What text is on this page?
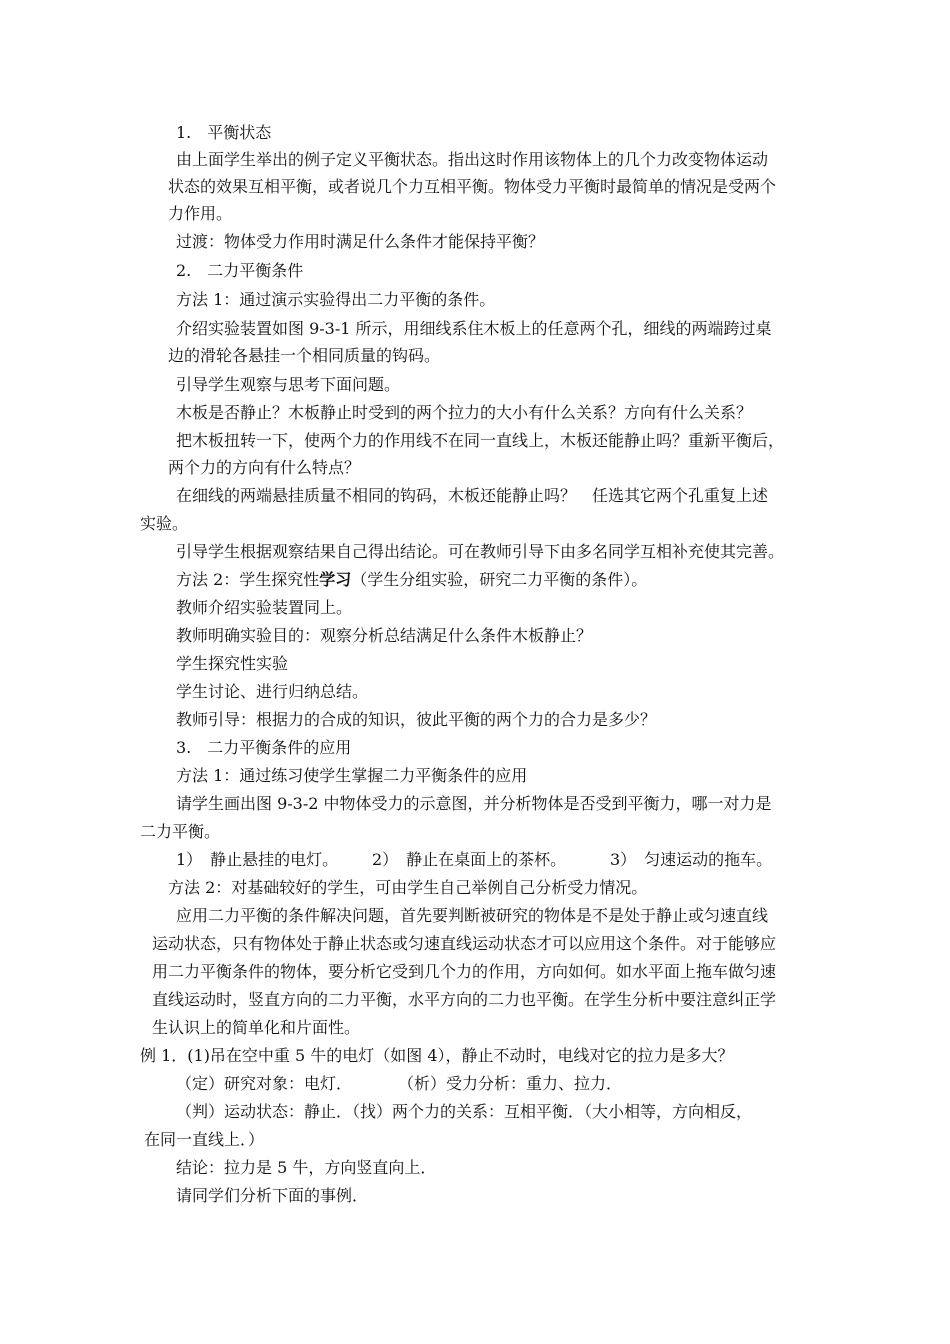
1.　平衡状态
由上面学生举出的例子定义平衡状态。指出这时作用该物体上的几个力改变物体运动
状态的效果互相平衡，或者说几个力互相平衡。物体受力平衡时最简单的情况是受两个
力作用。
过渡：物体受力作用时满足什么条件才能保持平衡？
2.　二力平衡条件
方法 1：通过演示实验得出二力平衡的条件。
介绍实验装置如图 9-3-1 所示，用细线系住木板上的任意两个孔，细线的两端跨过桌
边的滑轮各悬挂一个相同质量的钩码。
引导学生观察与思考下面问题。
木板是否静止？木板静止时受到的两个拉力的大小有什么关系？方向有什么关系？
把木板扭转一下，使两个力的作用线不在同一直线上，木板还能静止吗？重新平衡后，
两个力的方向有什么特点？
在细线的两端悬挂质量不相同的钩码，木板还能静止吗？　任选其它两个孔重复上述
实验。
引导学生根据观察结果自己得出结论。可在教师引导下由多名同学互相补充使其完善。
方法 2：学生探究性学习（学生分组实验，研究二力平衡的条件）。
教师介绍实验装置同上。
教师明确实验目的：观察分析总结满足什么条件木板静止？
学生探究性实验
学生讨论、进行归纳总结。
教师引导：根据力的合成的知识，彼此平衡的两个力的合力是多少？
3.　二力平衡条件的应用
方法 1：通过练习使学生掌握二力平衡条件的应用
请学生画出图 9-3-2 中物体受力的示意图，并分析物体是否受到平衡力，哪一对力是
二力平衡。
1）　静止悬挂的电灯。 2）　静止在桌面上的茶杯。	3）　匀速运动的拖车。
方法 2：对基础较好的学生，可由学生自己举例自己分析受力情况。
应用二力平衡的条件解决问题，首先要判断被研究的物体是不是处于静止或匀速直线
运动状态，只有物体处于静止状态或匀速直线运动状态才可以应用这个条件。对于能够应
用二力平衡条件的物体，要分析它受到几个力的作用，方向如何。如水平面上拖车做匀速
直线运动时，竖直方向的二力平衡，水平方向的二力也平衡。在学生分析中要注意纠正学
生认识上的简单化和片面性。
例 1．(1)吊在空中重 5 牛的电灯（如图 4），静止不动时，电线对它的拉力是多大？
（定）研究对象：电灯．	（析）受力分析：重力、拉力．
（判）运动状态：静止．（找）两个力的关系：互相平衡．（大小相等，方向相反，
在同一直线上．）
结论：拉力是 5 牛，方向竖直向上．
请同学们分析下面的事例．
